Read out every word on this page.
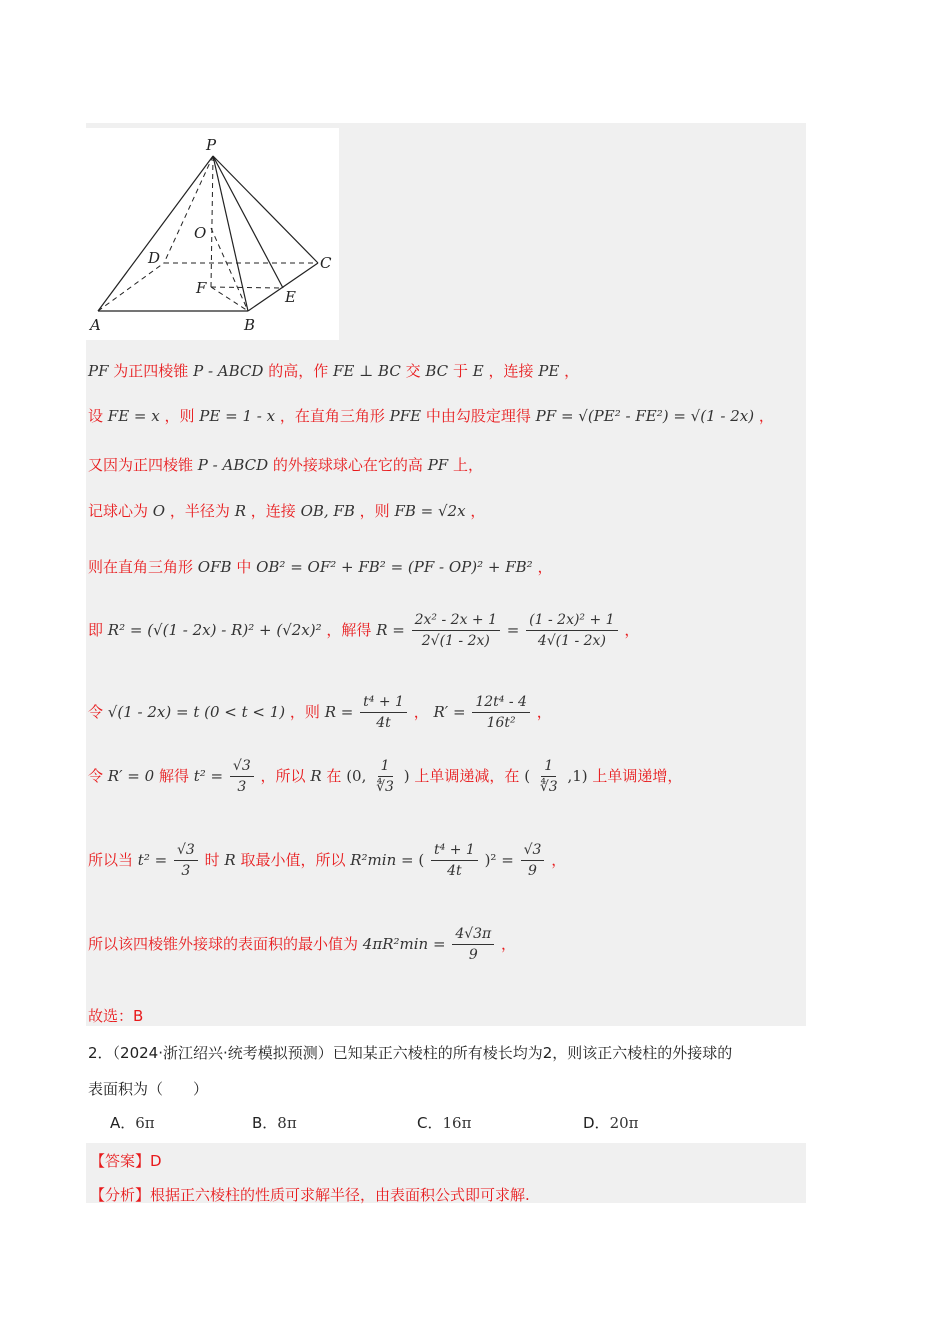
P
O
D	C
F	E
A	B
PF 为正四棱锥 P - ABCD 的高，作 FE ⊥ BC 交 BC 于 E ，连接 PE ，
设 FE = x ，则 PE = 1 - x ，在直角三角形 PFE 中由勾股定理得 PF = √(PE² - FE²) = √(1 - 2x) ，
又因为正四棱锥 P - ABCD 的外接球球心在它的高 PF 上，
记球心为 O ，半径为 R ，连接 OB, FB ，则 FB = √2x ，
则在直角三角形 OFB 中 OB² = OF² + FB² = (PF - OP)² + FB² ，
即 R² = (√(1 - 2x) - R)² + (√2x)² ，解得 $R = \frac{\text{2x² - 2x + 1}}{2√(1 - 2x)} = \frac{\text{(1 - 2x)² + 1}}{4√(1 - 2x)}$ ，
令 √(1 - 2x) = t (0 < t < 1) ，则 $R = \frac{\text{t⁴ + 1}}{4t}$ ， $R' = \frac{\text{12t⁴ - 4}}{\text{16t²}}$ ，
令 R′ = 0 解得 $t^2 = \frac{√3}{3}$ ，所以 R 在 (0, $\frac{1}{∜3}$ ) 上单调递减，在 ( $\frac{1}{∜3} ,1$) 上单调递增，
所以当 $t^2 = \frac{√3}{3}$ 时 R 取最小值，所以 R²min = ( $\frac{\text{t⁴ + 1}}{4t} )^2 = \frac{√3}{9}$ ，
所以该四棱锥外接球的表面积的最小值为 $4\pi R^2\min = \frac{4√3\pi}{9}$ ，
故选：B
2．（2024·浙江绍兴·统考模拟预测）已知某正六棱柱的所有棱长均为2，则该正六棱柱的外接球的
表面积为（　　）
A．6π	B．8π	C．16π	D．20π
【答案】D
【分析】根据正六棱柱的性质可求解半径，由表面积公式即可求解.
